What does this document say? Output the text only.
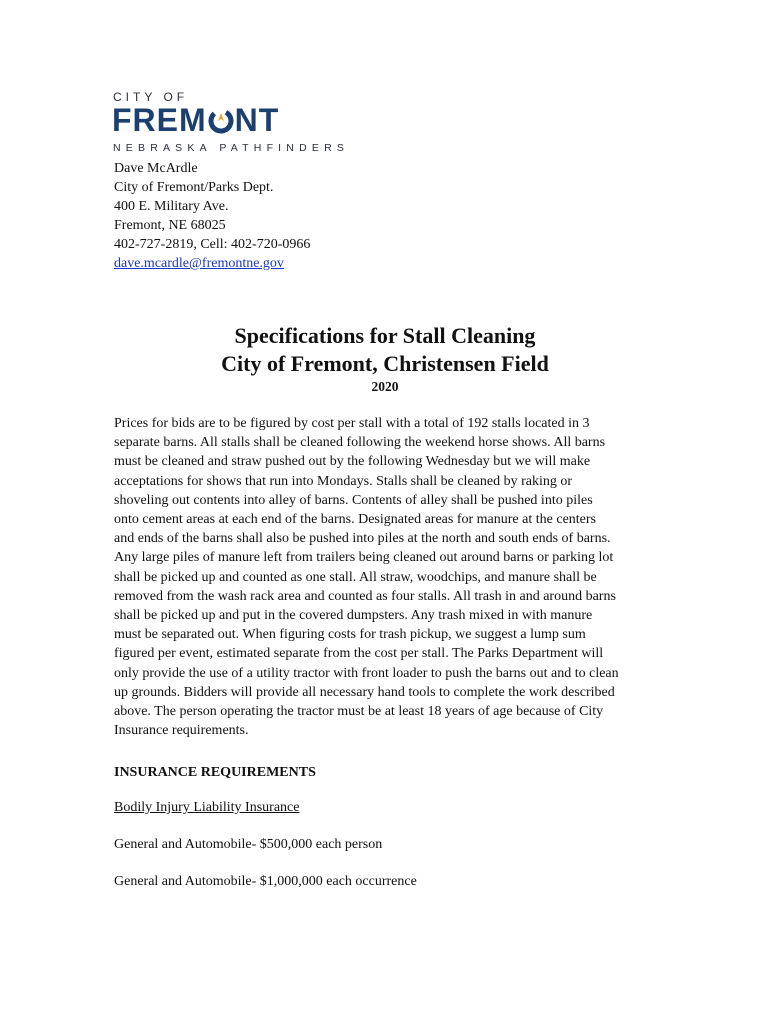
CITY OF
FREM NT
NEBRASKA PATHFINDERS
Dave McArdle
City of Fremont/Parks Dept.
400 E. Military Ave.
Fremont, NE 68025
402-727-2819, Cell: 402-720-0966
dave.mcardle@fremontne.gov
Specifications for Stall Cleaning
City of Fremont, Christensen Field
2020
Prices for bids are to be figured by cost per stall with a total of 192 stalls located in 3
separate barns. All stalls shall be cleaned following the weekend horse shows. All barns
must be cleaned and straw pushed out by the following Wednesday but we will make
acceptations for shows that run into Mondays. Stalls shall be cleaned by raking or
shoveling out contents into alley of barns. Contents of alley shall be pushed into piles
onto cement areas at each end of the barns. Designated areas for manure at the centers
and ends of the barns shall also be pushed into piles at the north and south ends of barns.
Any large piles of manure left from trailers being cleaned out around barns or parking lot
shall be picked up and counted as one stall. All straw, woodchips, and manure shall be
removed from the wash rack area and counted as four stalls. All trash in and around barns
shall be picked up and put in the covered dumpsters. Any trash mixed in with manure
must be separated out. When figuring costs for trash pickup, we suggest a lump sum
figured per event, estimated separate from the cost per stall. The Parks Department will
only provide the use of a utility tractor with front loader to push the barns out and to clean
up grounds. Bidders will provide all necessary hand tools to complete the work described
above. The person operating the tractor must be at least 18 years of age because of City
Insurance requirements.
INSURANCE REQUIREMENTS
Bodily Injury Liability Insurance
General and Automobile- $500,000 each person
General and Automobile- $1,000,000 each occurrence
